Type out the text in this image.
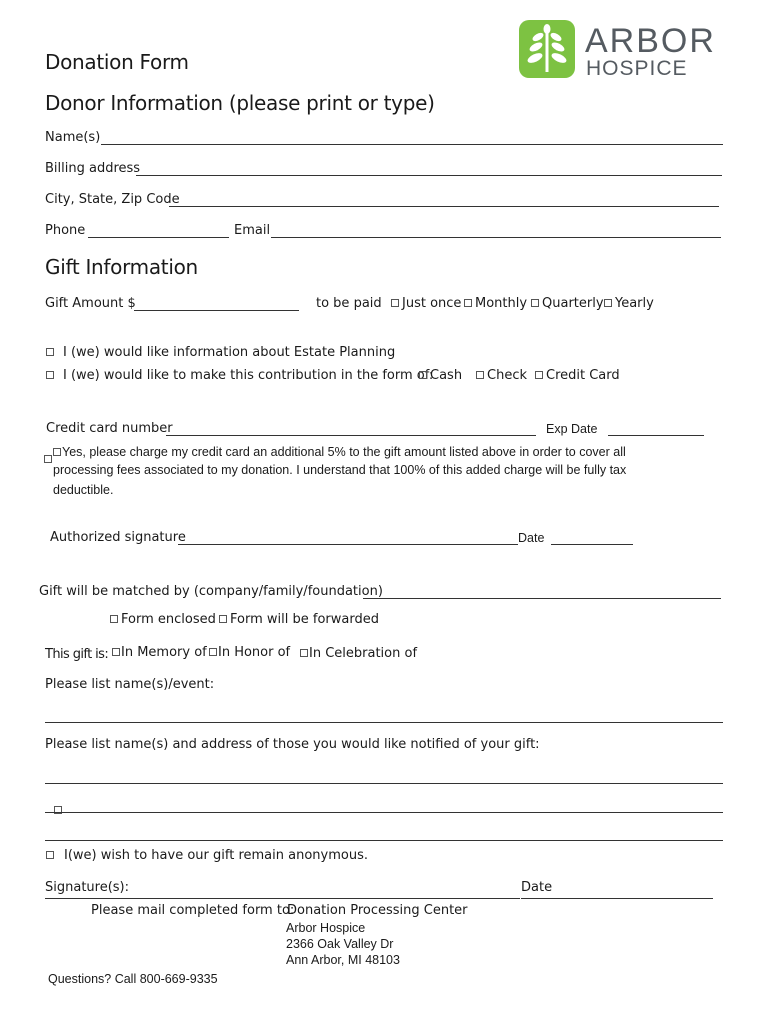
ARBOR
HOSPICE
Donation Form
Donor Information (please print or type)
Name(s)
Billing address
City, State, Zip Code
Phone	Email
Gift Information
Gift Amount $	to be paid	Just once	Monthly	Quarterly Yearly
I (we) would like information about Estate Planning
I (we) would like to make this contribution in the form of:
Cash	Check	Credit Card
Credit card number	Exp Date
Yes, please charge my credit card an additional 5% to the gift amount listed above in order to cover all
processing fees associated to my donation. I understand that 100% of this added charge will be fully tax
deductible.
Authorized signature	Date
Gift will be matched by (company/family/foundation)
Form enclosed	Form will be forwarded
This gift is: In Memory of In Honor of	In Celebration of
Please list name(s)/event:
Please list name(s) and address of those you would like notified of your gift:
I(we) wish to have our gift remain anonymous.
Signature(s):	Date
Please mail completed form to:
Donation Processing Center
Arbor Hospice
2366 Oak Valley Dr
Ann Arbor, MI 48103
Questions? Call 800-669-9335
